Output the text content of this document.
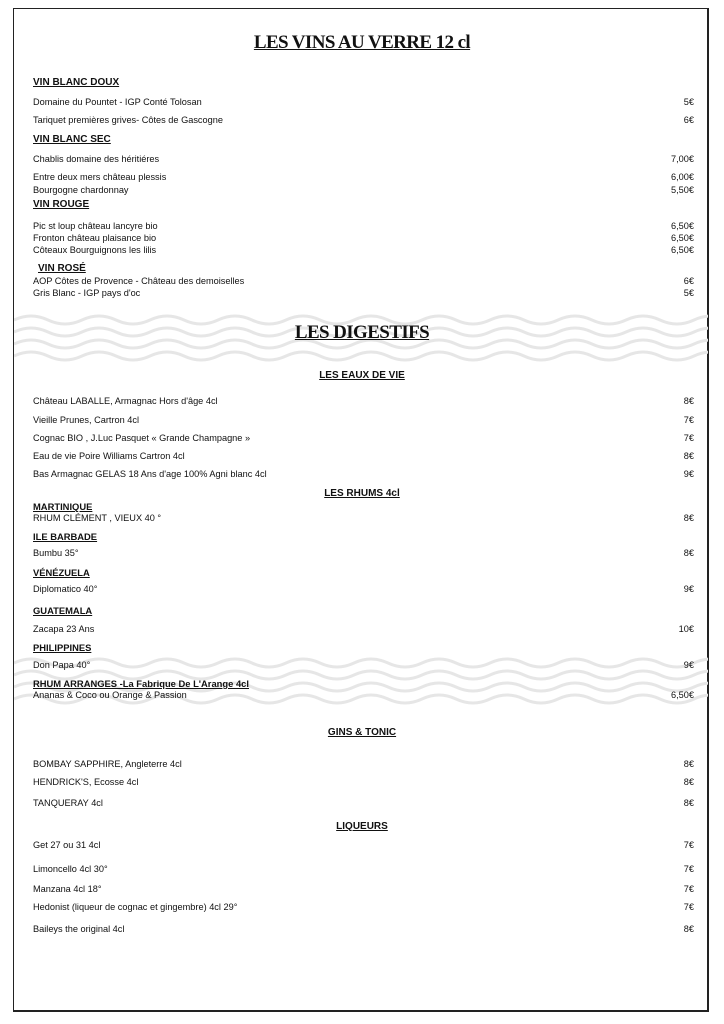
LES VINS AU VERRE 12 cl
VIN BLANC DOUX
Domaine du Pountet - IGP Conté Tolosan	5€
Tariquet premières grives- Côtes de Gascogne	6€
VIN BLANC SEC
Chablis domaine des héritiéres	7,00€
Entre deux mers château plessis	6,00€
Bourgogne chardonnay	5,50€
VIN ROUGE
Pic st loup château lancyre bio	6,50€
Fronton château plaisance bio	6,50€
Côteaux Bourguignons les lilis	6,50€
VIN ROSÉ
AOP Côtes de Provence - Château des demoiselles	6€
Gris Blanc - IGP pays d'oc	5€
LES DIGESTIFS
LES EAUX DE VIE
Château LABALLE, Armagnac Hors d'âge 4cl	8€
Vieille Prunes, Cartron 4cl	7€
Cognac BIO , J.Luc Pasquet « Grande Champagne »	7€
Eau de vie Poire Williams Cartron 4cl	8€
Bas Armagnac GELAS 18 Ans d'age 100% Agni blanc 4cl	9€
LES RHUMS 4cl
MARTINIQUE
RHUM CLÉMENT , VIEUX 40 °	8€
ILE BARBADE
Bumbu 35°	8€
VÉNÉZUELA
Diplomatico 40°	9€
GUATEMALA
Zacapa 23 Ans	10€
PHILIPPINES
Don Papa 40°	9€
RHUM ARRANGES -La Fabrique De L'Arange 4cl
Ananas & Coco ou Orange & Passion	6,50€
GINS & TONIC
BOMBAY SAPPHIRE, Angleterre 4cl	8€
HENDRICK'S, Ecosse 4cl	8€
TANQUERAY 4cl	8€
LIQUEURS
Get 27 ou 31 4cl	7€
Limoncello 4cl 30°	7€
Manzana 4cl 18°	7€
Hedonist (liqueur de cognac et gingembre) 4cl 29°	7€
Baileys the original 4cl	8€
